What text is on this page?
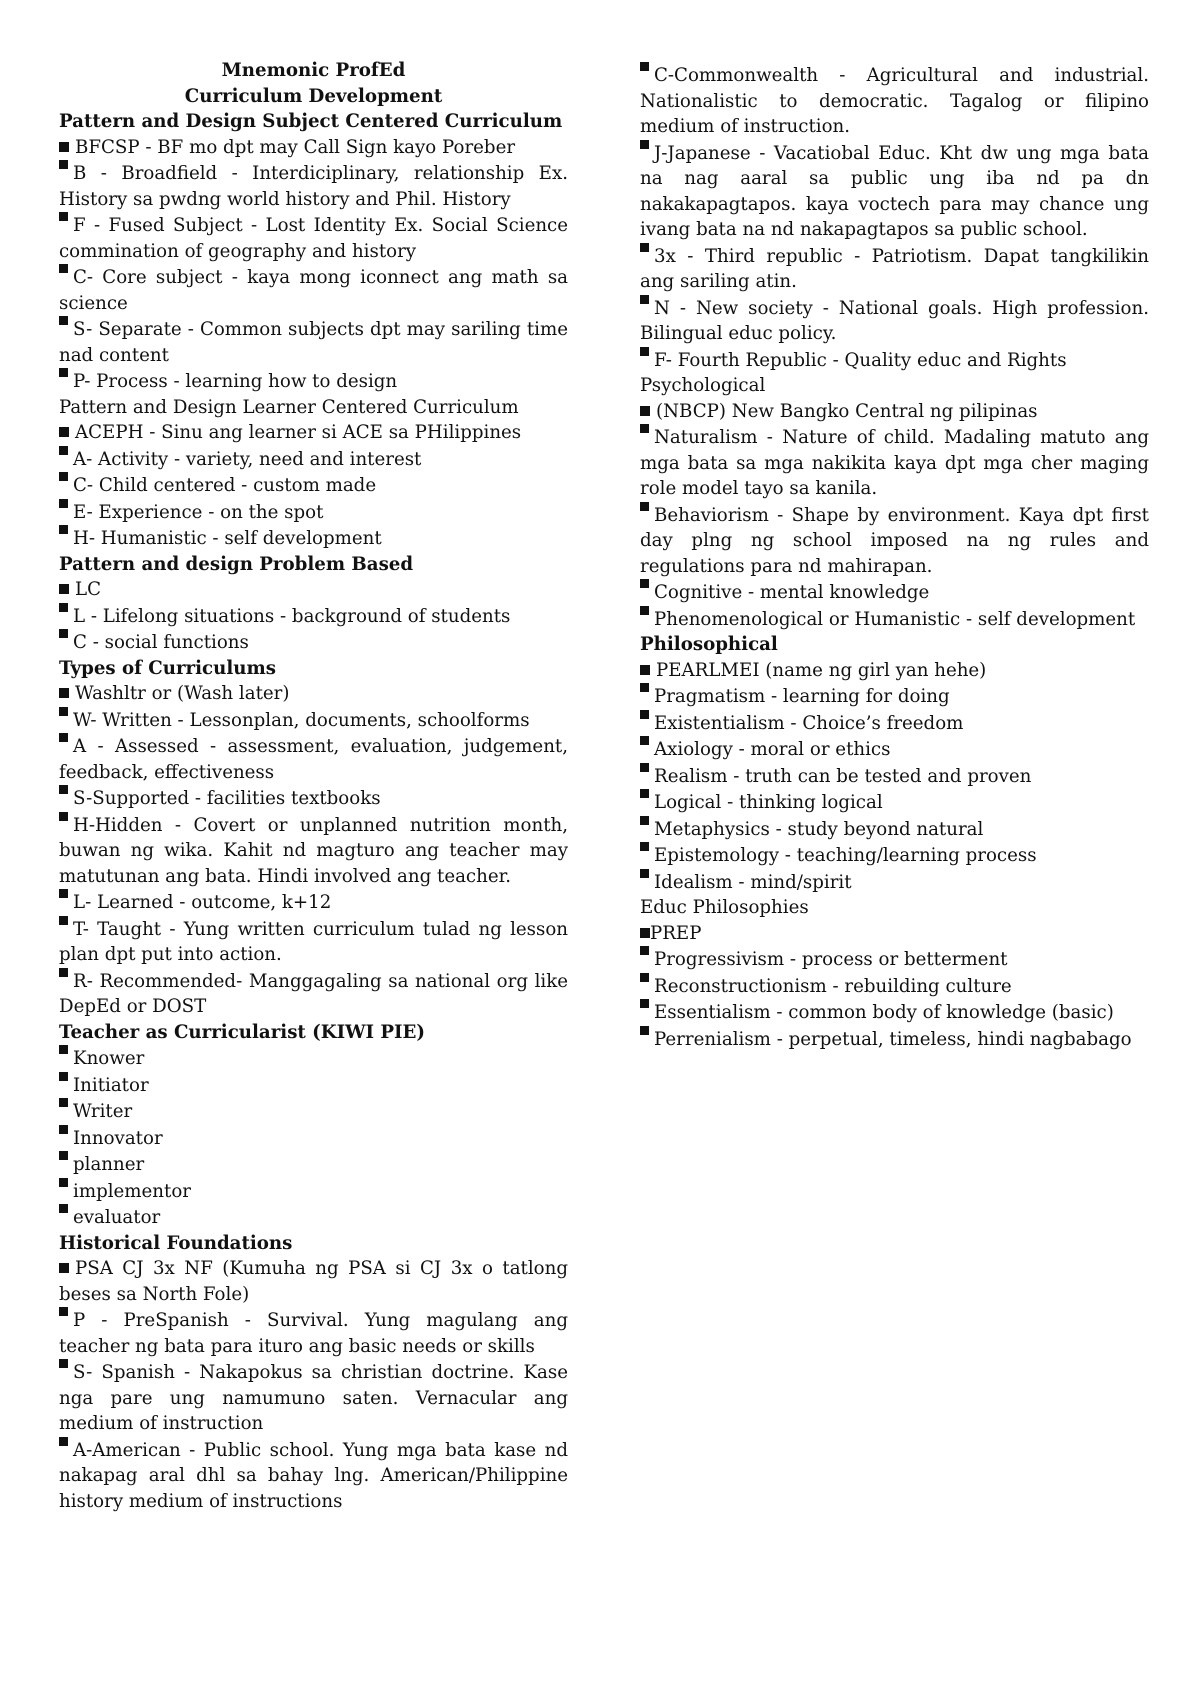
Mnemonic ProfEd
Curriculum Development
Pattern and Design Subject Centered Curriculum
BFCSP - BF mo dpt may Call Sign kayo Poreber
B - Broadfield - Interdiciplinary, relationship Ex. History sa pwdng world history and Phil. History
F - Fused Subject - Lost Identity Ex. Social Science commination of geography and history
C- Core subject - kaya mong iconnect ang math sa science
S- Separate - Common subjects dpt may sariling time nad content
P- Process - learning how to design
Pattern and Design Learner Centered Curriculum
ACEPH - Sinu ang learner si ACE sa PHilippines
A- Activity - variety, need and interest
C- Child centered - custom made
E- Experience - on the spot
H- Humanistic - self development
Pattern and design Problem Based
LC
L - Lifelong situations - background of students
C - social functions
Types of Curriculums
Washltr or (Wash later)
W- Written - Lessonplan, documents, schoolforms
A - Assessed - assessment, evaluation, judgement, feedback, effectiveness
S-Supported - facilities textbooks
H-Hidden - Covert or unplanned nutrition month, buwan ng wika. Kahit nd magturo ang teacher may matutunan ang bata. Hindi involved ang teacher.
L- Learned - outcome, k+12
T- Taught - Yung written curriculum tulad ng lesson plan dpt put into action.
R- Recommended- Manggagaling sa national org like DepEd or DOST
Teacher as Curricularist (KIWI PIE)
Knower
Initiator
Writer
Innovator
planner
implementor
evaluator
Historical Foundations
PSA CJ 3x NF (Kumuha ng PSA si CJ 3x o tatlong beses sa North Fole)
P - PreSpanish - Survival. Yung magulang ang teacher ng bata para ituro ang basic needs or skills
S- Spanish - Nakapokus sa christian doctrine. Kase nga pare ung namumuno saten. Vernacular ang medium of instruction
A-American - Public school. Yung mga bata kase nd nakapag aral dhl sa bahay lng. American/Philippine history medium of instructions
C-Commonwealth - Agricultural and industrial. Nationalistic to democratic. Tagalog or filipino medium of instruction.
J-Japanese - Vacatiobal Educ. Kht dw ung mga bata na nag aaral sa public ung iba nd pa dn nakakapagtapos. kaya voctech para may chance ung ivang bata na nd nakapagtapos sa public school.
3x - Third republic - Patriotism. Dapat tangkilikin ang sariling atin.
N - New society - National goals. High profession. Bilingual educ policy.
F- Fourth Republic - Quality educ and Rights
Psychological
(NBCP) New Bangko Central ng pilipinas
Naturalism - Nature of child. Madaling matuto ang mga bata sa mga nakikita kaya dpt mga cher maging role model tayo sa kanila.
Behaviorism - Shape by environment. Kaya dpt first day plng ng school imposed na ng rules and regulations para nd mahirapan.
Cognitive - mental knowledge
Phenomenological or Humanistic - self development
Philosophical
PEARLMEI (name ng girl yan hehe)
Pragmatism - learning for doing
Existentialism - Choice’s freedom
Axiology - moral or ethics
Realism - truth can be tested and proven
Logical - thinking logical
Metaphysics - study beyond natural
Epistemology - teaching/learning process
Idealism - mind/spirit
Educ Philosophies
PREP
Progressivism - process or betterment
Reconstructionism - rebuilding culture
Essentialism - common body of knowledge (basic)
Perrenialism - perpetual, timeless, hindi nagbabago
